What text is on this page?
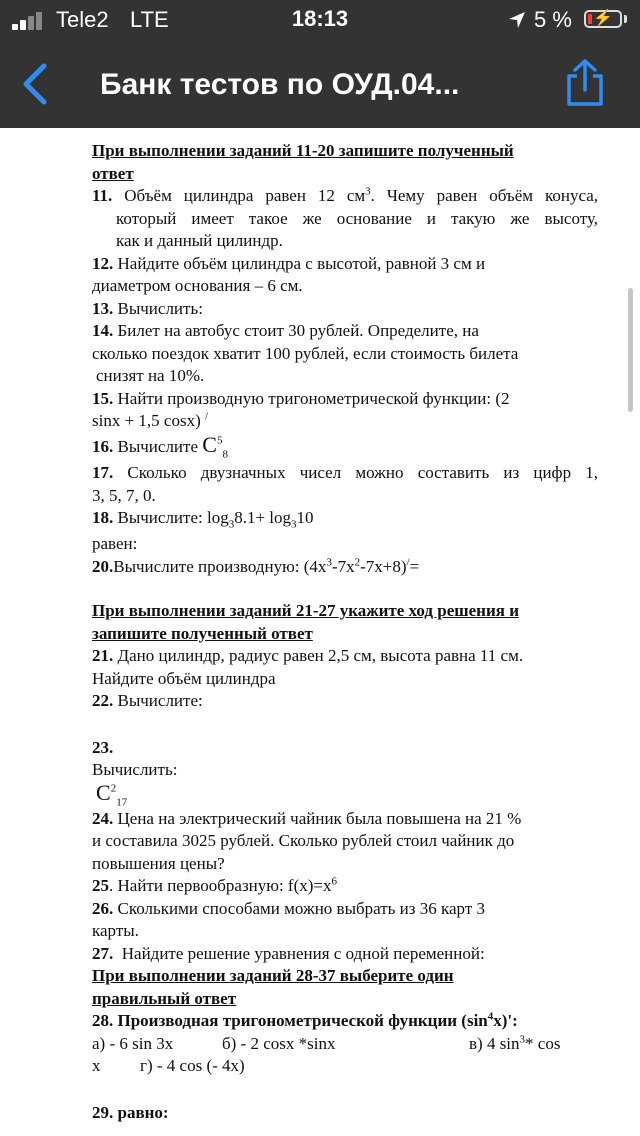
Tele2 LTE	18:13	5 %	⚡
Банк тестов по ОУД.04...
При выполнении заданий 11-20 запишите полученный
ответ
11. Объём цилиндра равен 12 $см^3$. Чему равен объём конуса,
который имеет такое же основание и такую же высоту,
как и данный цилиндр.
12. Найдите объём цилиндра с высотой, равной 3 см и
диаметром основания – 6 см.
13. Вычислить:
14. Билет на автобус стоит 30 рублей. Определите, на
сколько поездок хватит 100 рублей, если стоимость билета
снизят на 10%.
15. Найти производную тригонометрической функции: (2
sinx + 1,5 cosx) /
16. Вычислите $C^5_8$
17. Сколько двузначных чисел можно составить из цифр 1,
3, 5, 7, 0.
18. Вычислите: $\log_38.1+ \log_310$
равен:
20.Вычислите производную: $(4x^3-7x^2-7x+8)^/=$
При выполнении заданий 21-27 укажите ход решения и
запишите полученный ответ
21. Дано цилиндр, радиус равен 2,5 см, высота равна 11 см.
Найдите объём цилиндра
22. Вычислите:
23.
Вычислить:
$C^2_{17}$
24. Цена на электрический чайник была повышена на 21 %
и составила 3025 рублей. Сколько рублей стоил чайник до
повышения цены?
25. Найти первообразную: $f(x)=x^6$
26. Сколькими способами можно выбрать из 36 карт 3
карты.
27. Найдите решение уравнения с одной переменной:
При выполнении заданий 28-37 выберите один
правильный ответ
28. Производная тригонометрической функции $(\sin^4x)'$:
а) - 6 sin 3x	б) - 2 cosx *sinx	в) 4 $\sin^3*$ cos
x г) - 4 cos (- 4x)
29. равно:
